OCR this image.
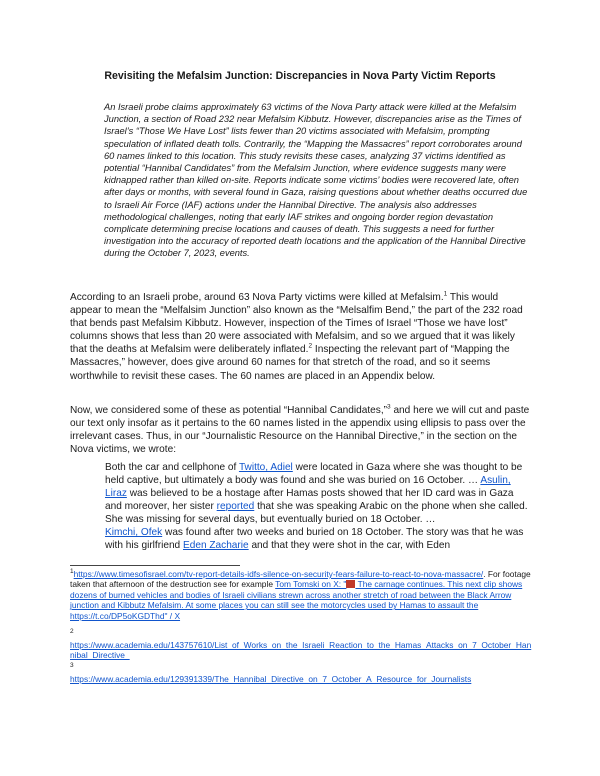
Revisiting the Mefalsim Junction: Discrepancies in Nova Party Victim Reports
An Israeli probe claims approximately 63 victims of the Nova Party attack were killed at the Mefalsim Junction, a section of Road 232 near Mefalsim Kibbutz. However, discrepancies arise as the Times of Israel’s “Those We Have Lost” lists fewer than 20 victims associated with Mefalsim, prompting speculation of inflated death tolls. Contrarily, the “Mapping the Massacres” report corroborates around 60 names linked to this location. This study revisits these cases, analyzing 37 victims identified as potential “Hannibal Candidates” from the Mefalsim Junction, where evidence suggests many were kidnapped rather than killed on-site. Reports indicate some victims’ bodies were recovered late, often after days or months, with several found in Gaza, raising questions about whether deaths occurred due to Israeli Air Force (IAF) actions under the Hannibal Directive. The analysis also addresses methodological challenges, noting that early IAF strikes and ongoing border region devastation complicate determining precise locations and causes of death. This suggests a need for further investigation into the accuracy of reported death locations and the application of the Hannibal Directive during the October 7, 2023, events.
According to an Israeli probe, around 63 Nova Party victims were killed at Mefalsim.$^1$ This would appear to mean the “Melfalsim Junction” also known as the “Melsalfim Bend,” the part of the 232 road that bends past Mefalsim Kibbutz. However, inspection of the Times of Israel “Those we have lost” columns shows that less than 20 were associated with Mefalsim, and so we argued that it was likely that the deaths at Mefalsim were deliberately inflated.$^2$ Inspecting the relevant part of “Mapping the Massacres,” however, does give around 60 names for that stretch of the road, and so it seems worthwhile to revisit these cases. The 60 names are placed in an Appendix below.
Now, we considered some of these as potential “Hannibal Candidates,”$^3$ and here we will cut and paste our text only insofar as it pertains to the 60 names listed in the appendix using ellipsis to pass over the irrelevant cases. Thus, in our “Journalistic Resource on the Hannibal Directive,” in the section on the Nova victims, we wrote:
Both the car and cellphone of Twitto, Adiel were located in Gaza where she was thought to be held captive, but ultimately a body was found and she was buried on 16 October. … Asulin, Liraz was believed to be a hostage after Hamas posts showed that her ID card was in Gaza and moreover, her sister reported that she was speaking Arabic on the phone when she called. She was missing for several days, but eventually buried on 18 October. …
Kimchi, Ofek was found after two weeks and buried on 18 October. The story was that he was with his girlfriend Eden Zacharie and that they were shot in the car, with Eden
$^1$https://www.timesofisrael.com/tv-report-details-idfs-silence-on-security-fears-failure-to-react-to-nova-massacre/. For footage taken that afternoon of the destruction see for example Tom Tomski on X: " The carnage continues. This next clip shows dozens of burned vehicles and bodies of Israeli civilians strewn across another stretch of road between the Black Arrow junction and Kibbutz Mefalsim. At some places you can still see the motorcycles used by Hamas to assault the https://t.co/DP5oKGDThd" / X
2
https://www.academia.edu/143757610/List_of_Works_on_the_Israeli_Reaction_to_the_Hamas_Attacks_on_7_October_Hannibal_Directive_
3
https://www.academia.edu/129391339/The_Hannibal_Directive_on_7_October_A_Resource_for_Journalists
